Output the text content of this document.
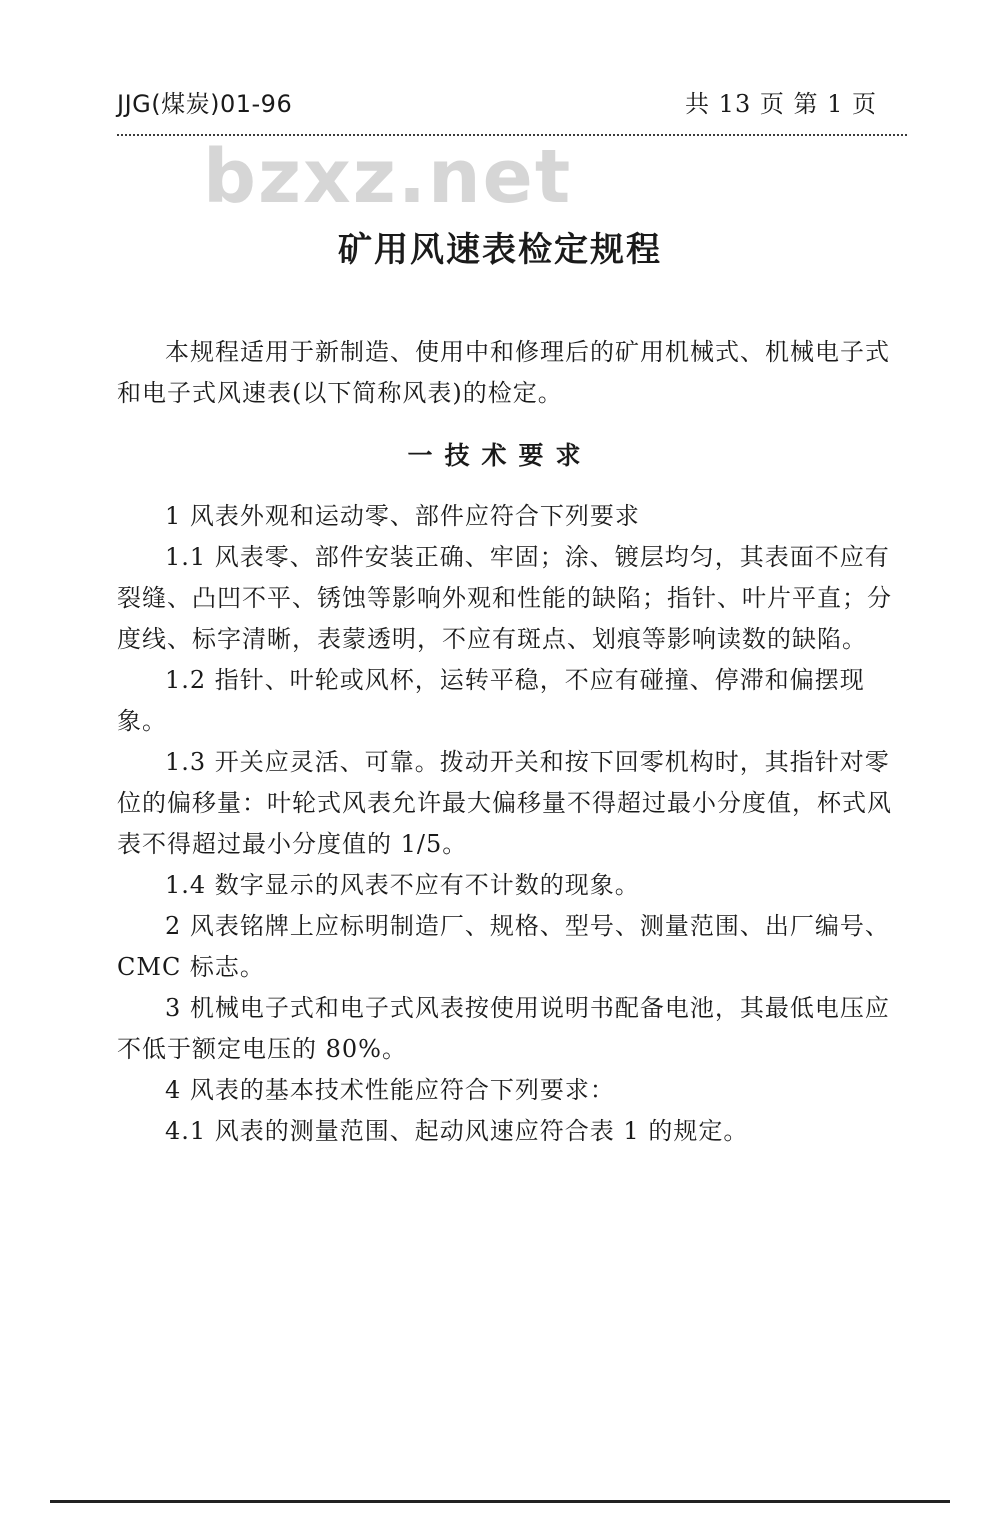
JJG(煤炭)01-96	共 13 页 第 1 页
bzxz.net
矿用风速表检定规程

本规程适用于新制造、使用中和修理后的矿用机械式、机械电子式和电子式风速表(以下简称风表)的检定。

一技术要求

1 风表外观和运动零、部件应符合下列要求

1.1 风表零、部件安装正确、牢固；涂、镀层均匀，其表面不应有裂缝、凸凹不平、锈蚀等影响外观和性能的缺陷；指针、叶片平直；分度线、标字清晰，表蒙透明，不应有斑点、划痕等影响读数的缺陷。

1.2 指针、叶轮或风杯，运转平稳，不应有碰撞、停滞和偏摆现象。

1.3 开关应灵活、可靠。拨动开关和按下回零机构时，其指针对零位的偏移量：叶轮式风表允许最大偏移量不得超过最小分度值，杯式风表不得超过最小分度值的 1/5。

1.4 数字显示的风表不应有不计数的现象。

2 风表铭牌上应标明制造厂、规格、型号、测量范围、出厂编号、CMC 标志。

3 机械电子式和电子式风表按使用说明书配备电池，其最低电压应不低于额定电压的 80%。

4 风表的基本技术性能应符合下列要求：

4.1 风表的测量范围、起动风速应符合表 1 的规定。
